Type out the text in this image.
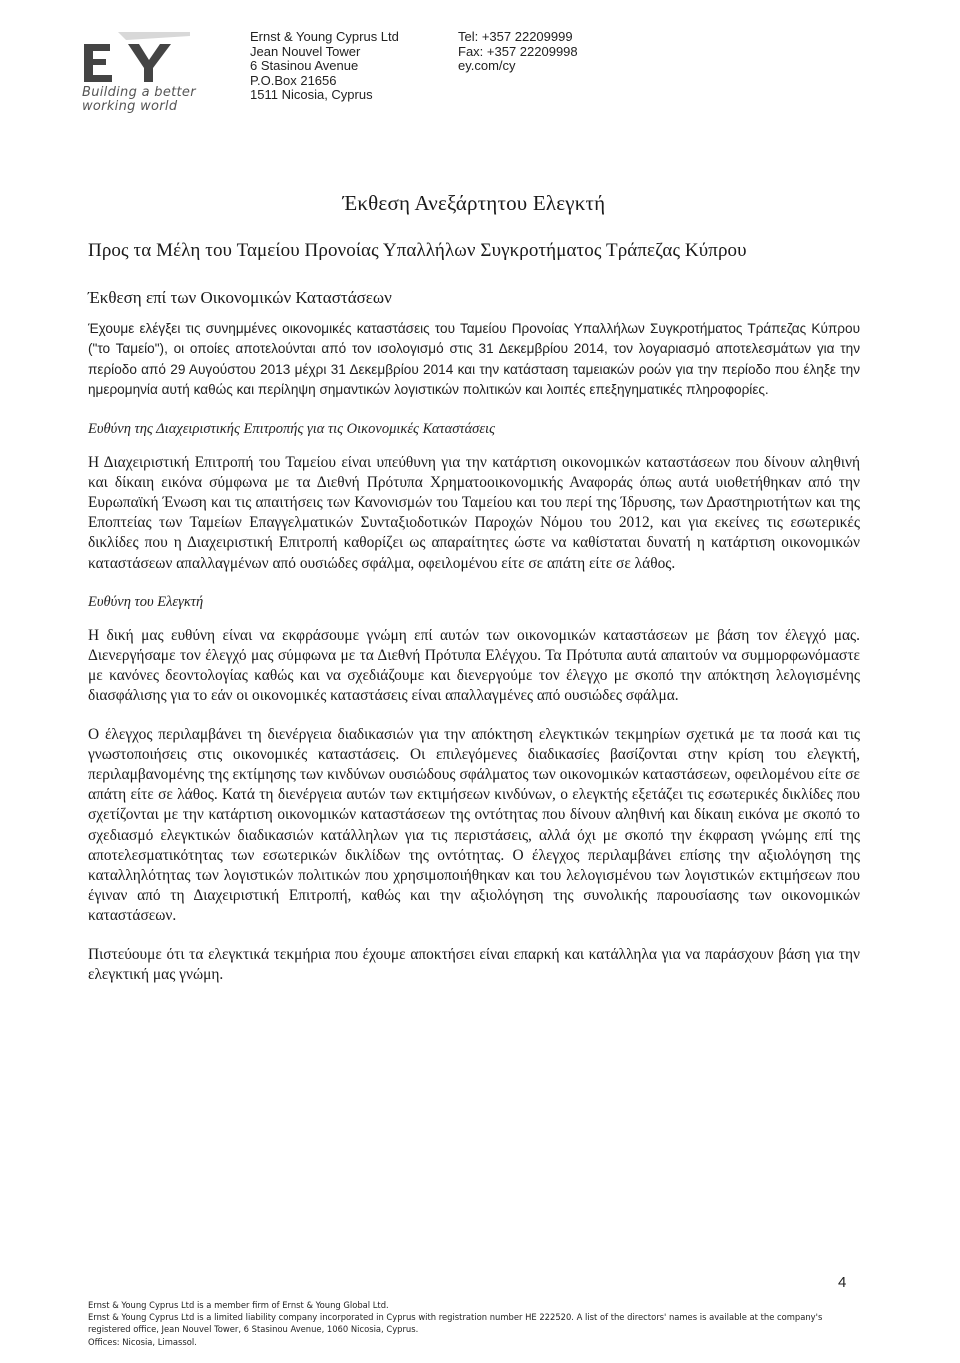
Building a better
working world
Ernst & Young Cyprus Ltd
Jean Nouvel Tower
6 Stasinou Avenue
P.O.Box 21656
1511 Nicosia, Cyprus
Tel: +357 22209999
Fax: +357 22209998
ey.com/cy
Έκθεση Ανεξάρτητου Ελεγκτή
Προς τα Μέλη του Ταμείου Προνοίας Υπαλλήλων Συγκροτήματος Τράπεζας Κύπρου
Έκθεση επί των Οικονομικών Καταστάσεων

Έχουμε ελέγξει τις συνημμένες οικονομικές καταστάσεις του Ταμείου Προνοίας Υπαλλήλων Συγκροτήματος Τράπεζας Κύπρου ("το Ταμείο"), οι οποίες αποτελούνται από τον ισολογισμό στις 31 Δεκεμβρίου 2014, τον λογαριασμό αποτελεσμάτων για την περίοδο από 29 Αυγούστου 2013 μέχρι 31 Δεκεμβρίου 2014 και την κατάσταση ταμειακών ροών για την περίοδο που έληξε την ημερομηνία αυτή καθώς και περίληψη σημαντικών λογιστικών πολιτικών και λοιπές επεξηγηματικές πληροφορίες.

Ευθύνη της Διαχειριστικής Επιτροπής για τις Οικονομικές Καταστάσεις

Η Διαχειριστική Επιτροπή του Ταμείου είναι υπεύθυνη για την κατάρτιση οικονομικών καταστάσεων που δίνουν αληθινή και δίκαιη εικόνα σύμφωνα με τα Διεθνή Πρότυπα Χρηματοοικονομικής Αναφοράς όπως αυτά υιοθετήθηκαν από την Ευρωπαϊκή Ένωση και τις απαιτήσεις των Κανονισμών του Ταμείου και του περί της Ίδρυσης, των Δραστηριοτήτων και της Εποπτείας των Ταμείων Επαγγελματικών Συνταξιοδοτικών Παροχών Νόμου του 2012, και για εκείνες τις εσωτερικές δικλίδες που η Διαχειριστική Επιτροπή καθορίζει ως απαραίτητες ώστε να καθίσταται δυνατή η κατάρτιση οικονομικών καταστάσεων απαλλαγμένων από ουσιώδες σφάλμα, οφειλομένου είτε σε απάτη είτε σε λάθος.

Ευθύνη του Ελεγκτή

Η δική μας ευθύνη είναι να εκφράσουμε γνώμη επί αυτών των οικονομικών καταστάσεων με βάση τον έλεγχό μας. Διενεργήσαμε τον έλεγχό μας σύμφωνα με τα Διεθνή Πρότυπα Ελέγχου. Τα Πρότυπα αυτά απαιτούν να συμμορφωνόμαστε με κανόνες δεοντολογίας καθώς και να σχεδιάζουμε και διενεργούμε τον έλεγχο με σκοπό την απόκτηση λελογισμένης διασφάλισης για το εάν οι οικονομικές καταστάσεις είναι απαλλαγμένες από ουσιώδες σφάλμα.

Ο έλεγχος περιλαμβάνει τη διενέργεια διαδικασιών για την απόκτηση ελεγκτικών τεκμηρίων σχετικά με τα ποσά και τις γνωστοποιήσεις στις οικονομικές καταστάσεις. Οι επιλεγόμενες διαδικασίες βασίζονται στην κρίση του ελεγκτή, περιλαμβανομένης της εκτίμησης των κινδύνων ουσιώδους σφάλματος των οικονομικών καταστάσεων, οφειλομένου είτε σε απάτη είτε σε λάθος. Κατά τη διενέργεια αυτών των εκτιμήσεων κινδύνων, ο ελεγκτής εξετάζει τις εσωτερικές δικλίδες που σχετίζονται με την κατάρτιση οικονομικών καταστάσεων της οντότητας που δίνουν αληθινή και δίκαιη εικόνα με σκοπό το σχεδιασμό ελεγκτικών διαδικασιών κατάλληλων για τις περιστάσεις, αλλά όχι με σκοπό την έκφραση γνώμης επί της αποτελεσματικότητας των εσωτερικών δικλίδων της οντότητας. Ο έλεγχος περιλαμβάνει επίσης την αξιολόγηση της καταλληλότητας των λογιστικών πολιτικών που χρησιμοποιήθηκαν και του λελογισμένου των λογιστικών εκτιμήσεων που έγιναν από τη Διαχειριστική Επιτροπή, καθώς και την αξιολόγηση της συνολικής παρουσίασης των οικονομικών καταστάσεων.

Πιστεύουμε ότι τα ελεγκτικά τεκμήρια που έχουμε αποκτήσει είναι επαρκή και κατάλληλα για να παράσχουν βάση για την ελεγκτική μας γνώμη.

4
Ernst & Young Cyprus Ltd is a member firm of Ernst & Young Global Ltd.
Ernst & Young Cyprus Ltd is a limited liability company incorporated in Cyprus with registration number HE 222520. A list of the directors' names is available at the company's
registered office, Jean Nouvel Tower, 6 Stasinou Avenue, 1060 Nicosia, Cyprus.
Offices: Nicosia, Limassol.
